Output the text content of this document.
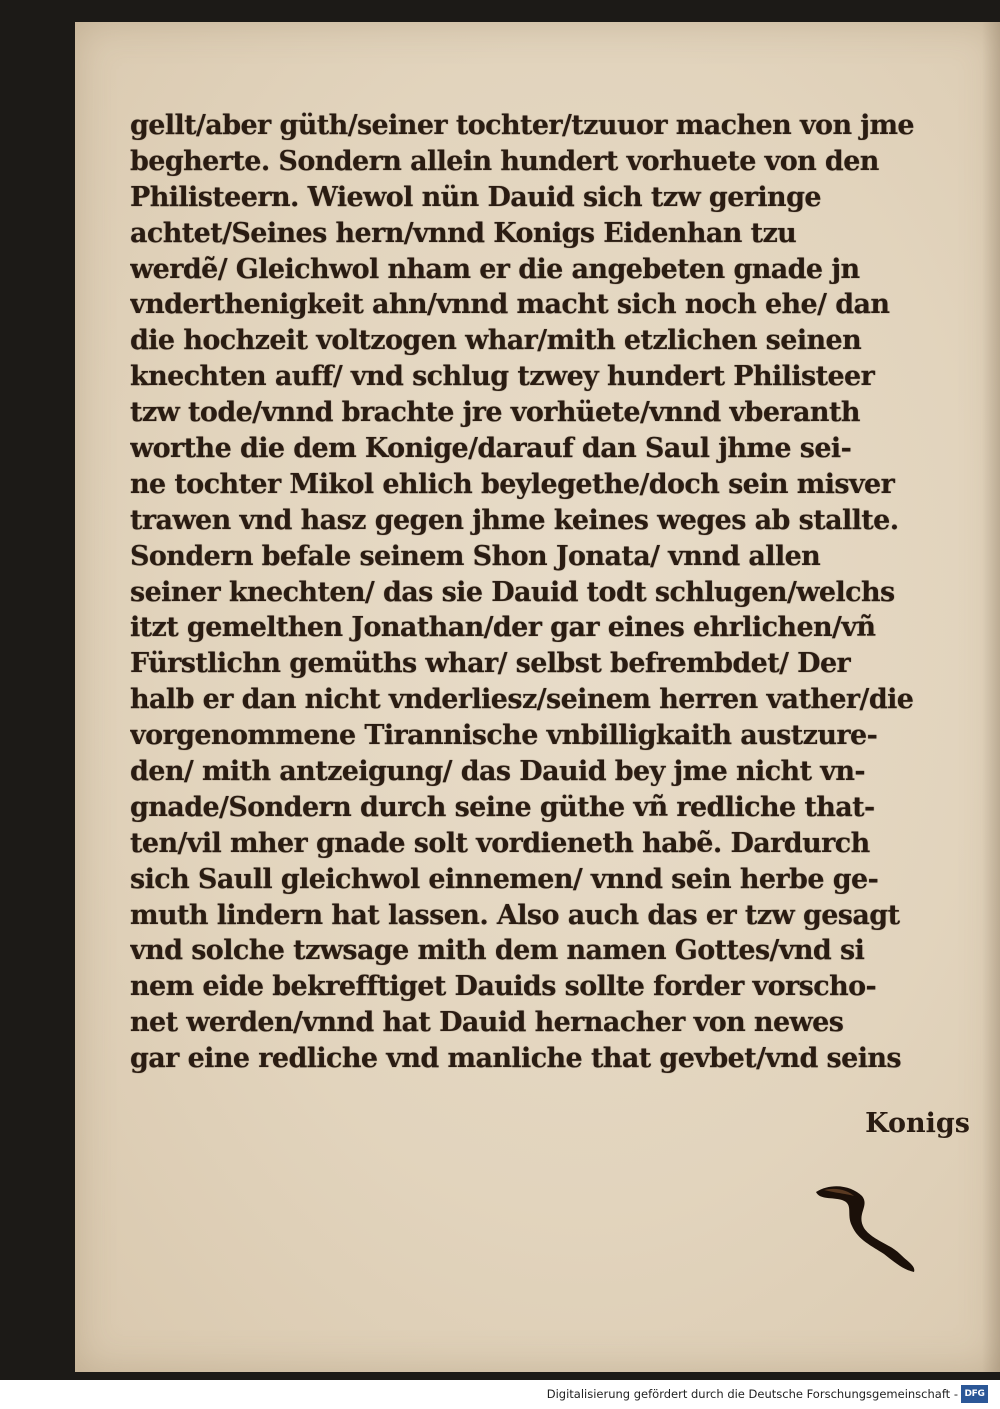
gellt/aber güth/seiner tochter/tzuuor machen von jme
begherte. Sondern allein hundert vorhuete von den
Philisteern. Wiewol nün Dauid sich tzw geringe
achtet/Seines hern/vnnd Konigs Eidenhan tzu
werdẽ/ Gleichwol nham er die angebeten gnade jn
vnderthenigkeit ahn/vnnd macht sich noch ehe/ dan
die hochzeit voltzogen whar/mith etzlichen seinen
knechten auff/ vnd schlug tzwey hundert Philisteer
tzw tode/vnnd brachte jre vorhüete/vnnd vberanth
worthe die dem Konige/darauf dan Saul jhme sei-
ne tochter Mikol ehlich beylegethe/doch sein misver
trawen vnd hasz gegen jhme keines weges ab stallte.
Sondern befale seinem Shon Jonata/ vnnd allen
seiner knechten/ das sie Dauid todt schlugen/welchs
itzt gemelthen Jonathan/der gar eines ehrlichen/vñ
Fürstlichn gemüths whar/ selbst befrembdet/ Der
halb er dan nicht vnderliesz/seinem herren vather/die
vorgenommene Tirannische vnbilligkaith austzure-
den/ mith antzeigung/ das Dauid bey jme nicht vn-
gnade/Sondern durch seine güthe vñ redliche that-
ten/vil mher gnade solt vordieneth habẽ. Dardurch
sich Saull gleichwol einnemen/ vnnd sein herbe ge-
muth lindern hat lassen. Also auch das er tzw gesagt
vnd solche tzwsage mith dem namen Gottes/vnd si
nem eide bekrefftiget Dauids sollte forder vorscho-
net werden/vnnd hat Dauid hernacher von newes
gar eine redliche vnd manliche that gevbet/vnd seins
Konigs
Digitalisierung gefördert durch die Deutsche Forschungsgemeinschaft - DFG
